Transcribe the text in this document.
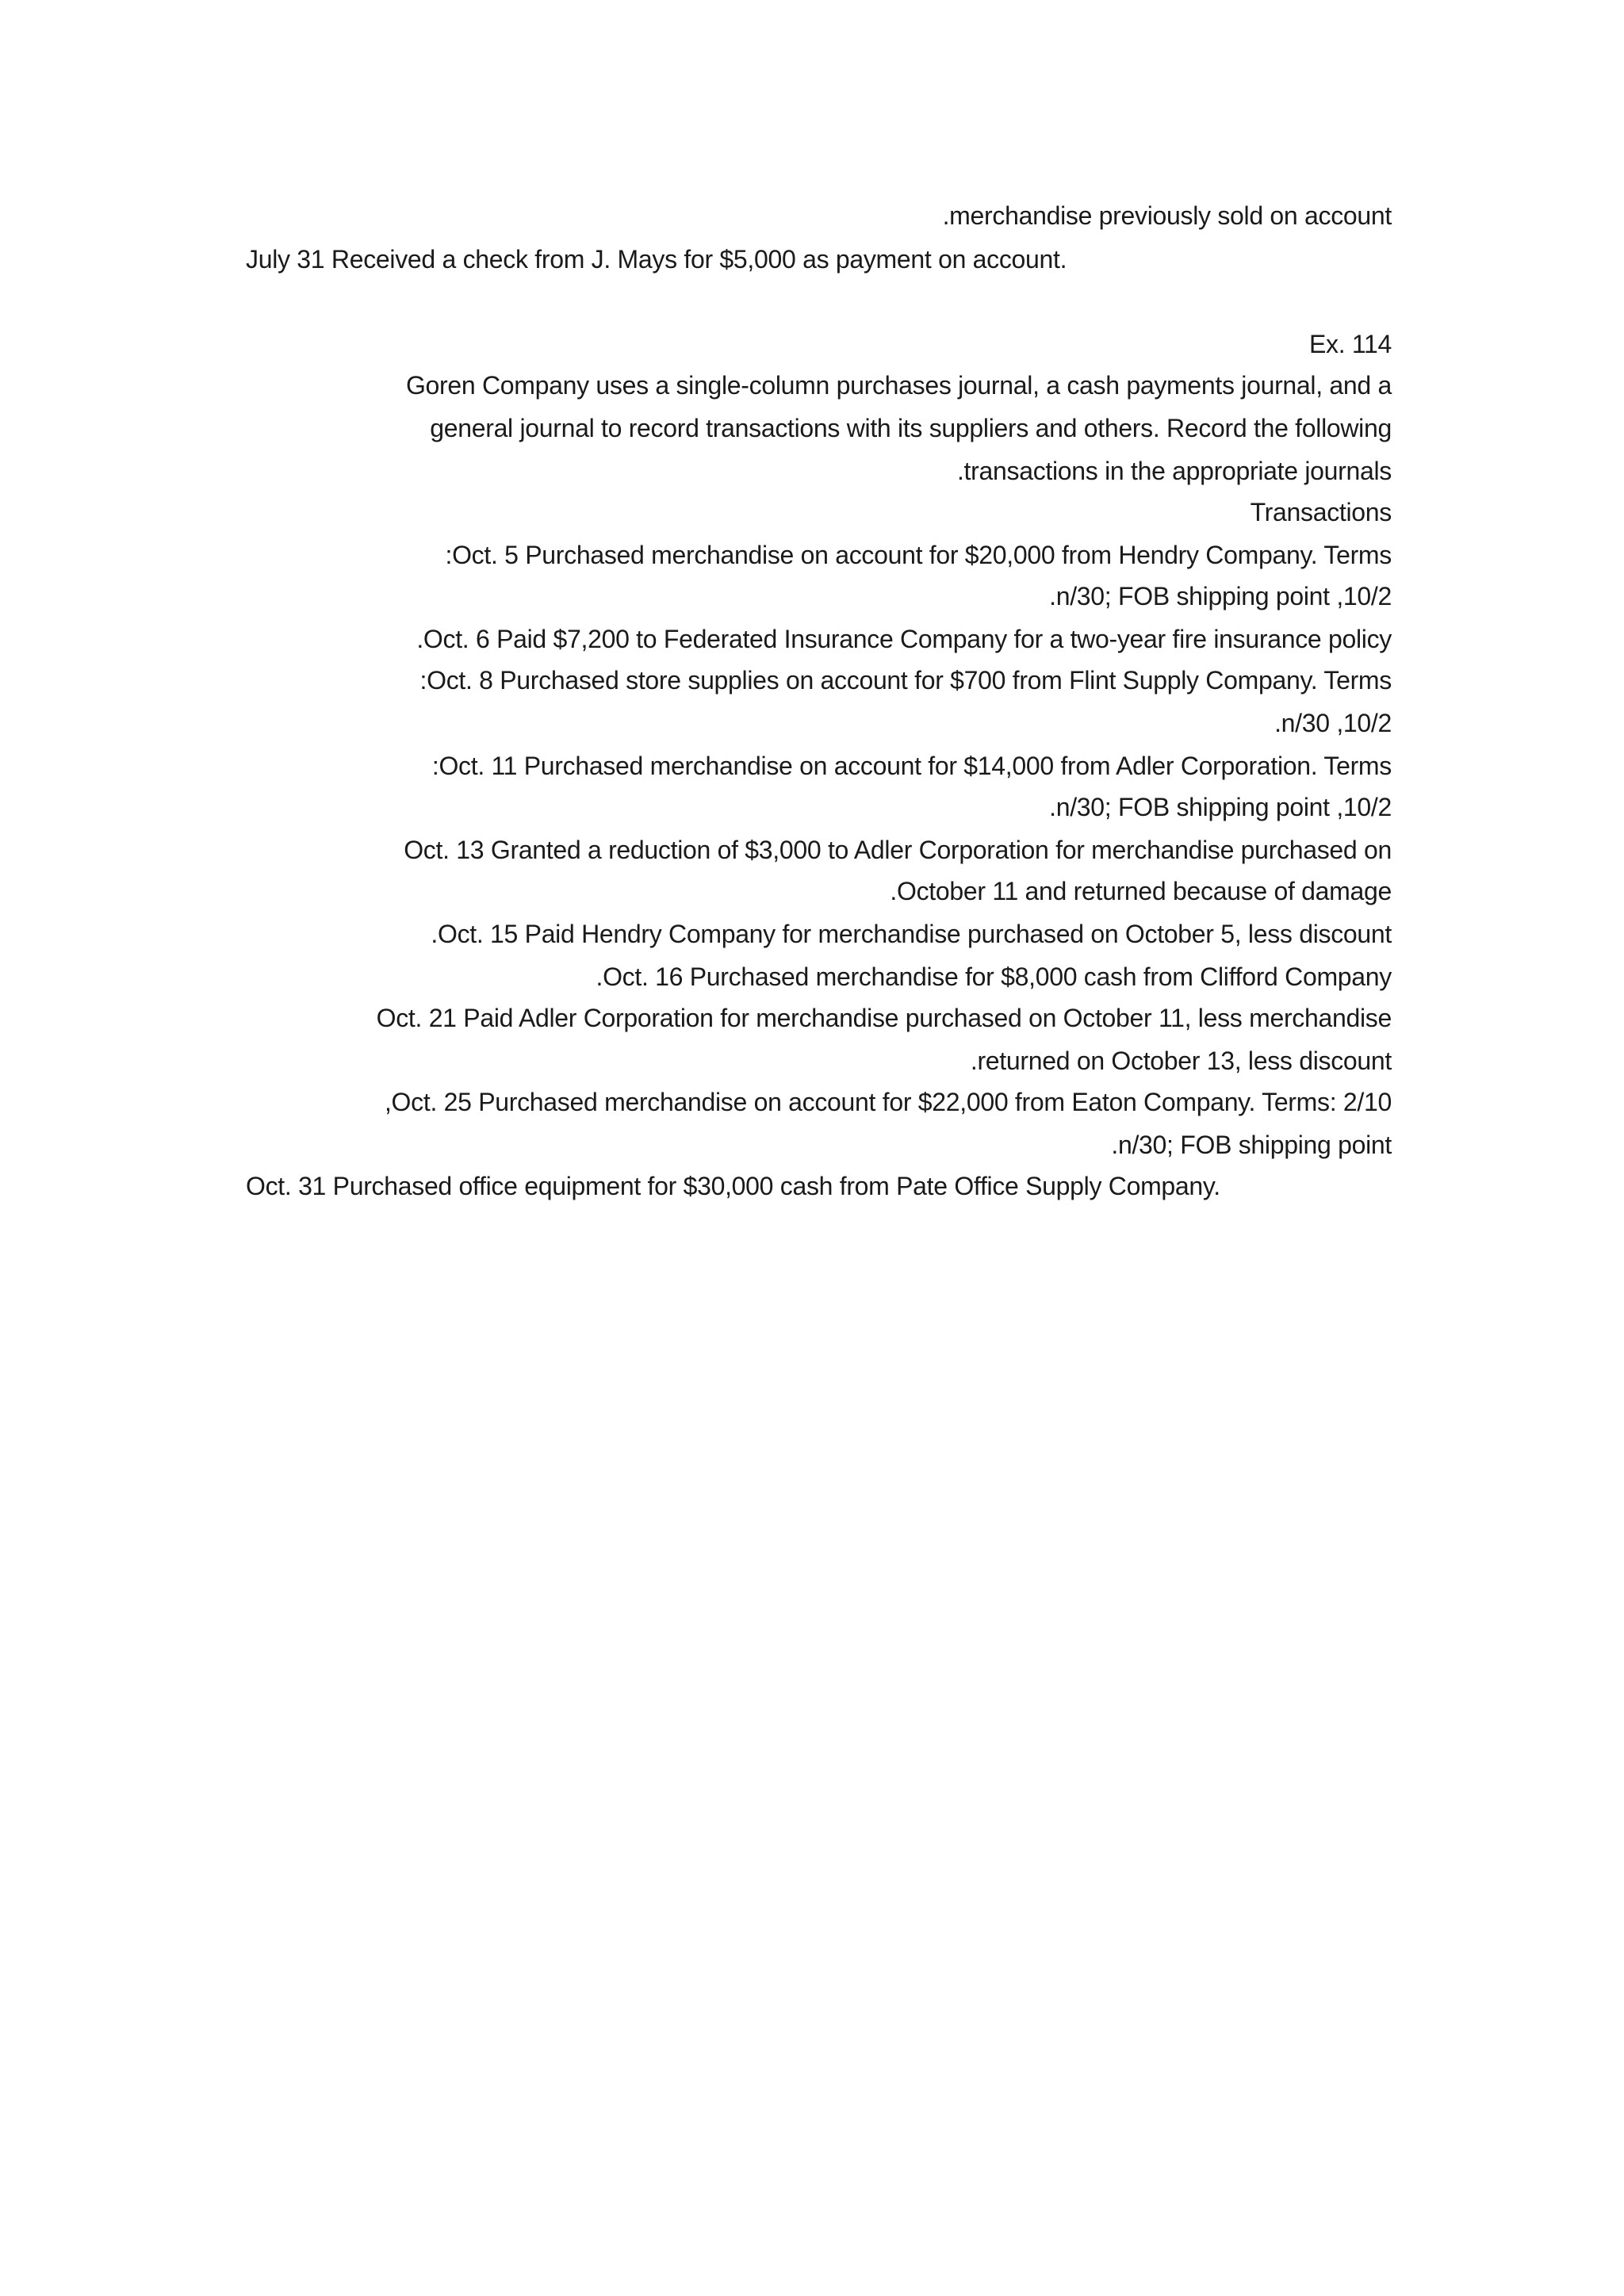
.merchandise previously sold on account
July 31 Received a check from J. Mays for $5,000 as payment on account.
Ex. 114
Goren Company uses a single-column purchases journal, a cash payments journal, and a
general journal to record transactions with its suppliers and others. Record the following
.transactions in the appropriate journals
Transactions
:Oct. 5 Purchased merchandise on account for $20,000 from Hendry Company. Terms
.n/30; FOB shipping point ,10/2
.Oct. 6 Paid $7,200 to Federated Insurance Company for a two-year fire insurance policy
:Oct. 8 Purchased store supplies on account for $700 from Flint Supply Company. Terms
.n/30 ,10/2
:Oct. 11 Purchased merchandise on account for $14,000 from Adler Corporation. Terms
.n/30; FOB shipping point ,10/2
Oct. 13 Granted a reduction of $3,000 to Adler Corporation for merchandise purchased on
.October 11 and returned because of damage
.Oct. 15 Paid Hendry Company for merchandise purchased on October 5, less discount
.Oct. 16 Purchased merchandise for $8,000 cash from Clifford Company
Oct. 21 Paid Adler Corporation for merchandise purchased on October 11, less merchandise
.returned on October 13, less discount
,Oct. 25 Purchased merchandise on account for $22,000 from Eaton Company. Terms: 2/10
.n/30; FOB shipping point
Oct. 31 Purchased office equipment for $30,000 cash from Pate Office Supply Company.
